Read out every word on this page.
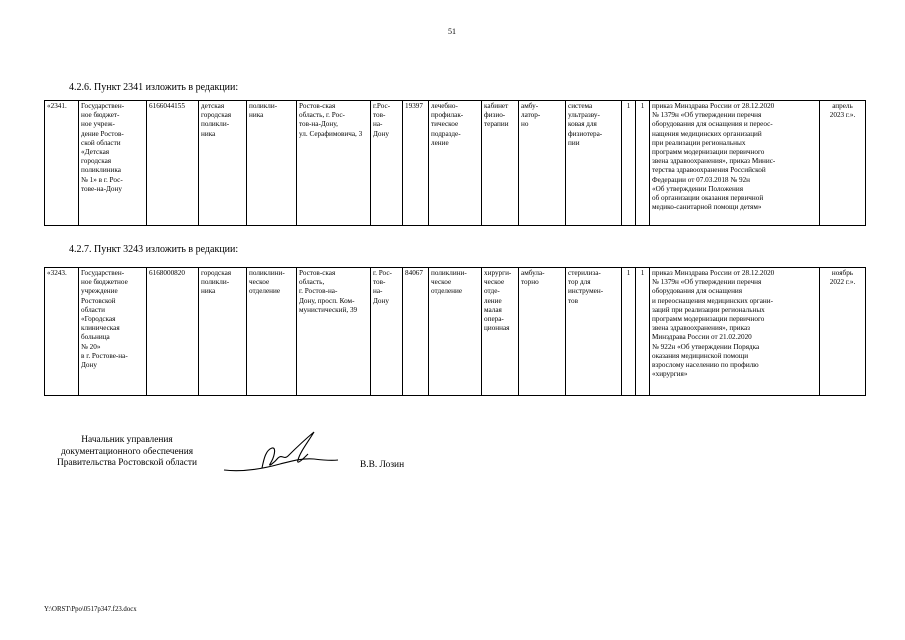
51
4.2.6. Пункт 2341 изложить в редакции:
«2341.	Государствен-
ное бюджет-
ное учреж-
дение Ростов-
ской области
«Детская
городская
поликлиника
№ 1» в г. Рос-
тове-на-Дону	6166044155	детская
городская
поликли-
ника	поликли-
ника	Ростов-ская
область, г. Рос-
тов-на-Дону,
ул. Серафимовича, 3	г.Рос-
тов-
на-
Дону	19397	лечебно-
профилак-
тическое
подразде-
ление	кабинет
физио-
терапии	амбу-
латор-
но	система
ультразву-
ковая для
физиотера-
пии	1	1	приказ Минздрава России от 28.12.2020
№ 1379н «Об утверждении перечня
оборудования для оснащения и переос-
нащения медицинских организаций
при реализации региональных
программ модернизации первичного
звена здравоохранения», приказ Минис-
терства здравоохранения Российской
Федерации от 07.03.2018 № 92н
«Об утверждении Положения
об организации оказания первичной
медико-санитарной помощи детям»	апрель
2023 г.».
4.2.7. Пункт 3243 изложить в редакции:
«3243.	Государствен-
ное бюджетное
учреждение
Ростовской
области
«Городская
клиническая
больница
№ 20»
в г. Ростове-на-
Дону	6168000820	городская
поликли-
ника	поликлини-
ческое
отделение	Ростов-ская
область,
г. Ростов-на-
Дону, просп. Ком-
мунистический, 39	г. Рос-
тов-
на-
Дону	84067	поликлини-
ческое
отделение	хирурги-
ческое
отде-
ление
малая
опера-
ционная	амбула-
торно	стерилиза-
тор для
инструмен-
тов	1	1	приказ Минздрава России от 28.12.2020
№ 1379н «Об утверждении перечня
оборудования для оснащения
и переоснащения медицинских органи-
заций при реализации региональных
программ модернизации первичного
звена здравоохранения», приказ
Минздрава России от 21.02.2020
№ 922н «Об утверждении Порядка
оказания медицинской помощи
взрослому населению по профилю
«хирургия»	ноябрь
2022 г.».
Начальник управления
документационного обеспечения
Правительства Ростовской области	В.В. Лозин
Y:\ORST\Ppo\0517p347.f23.docx
